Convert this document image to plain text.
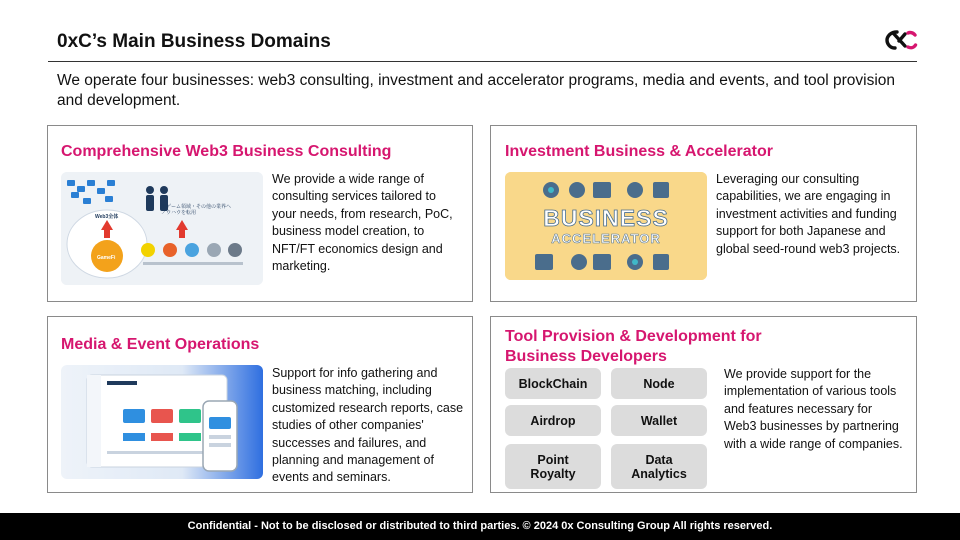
0xC’s Main Business Domains
We operate four businesses: web3 consulting, investment and accelerator programs, media and events, and tool provision and development.
Comprehensive Web3 Business Consulting
Web3全体
非ゲーム領域・その他の業界へ ノウハウを転用
GameFi
We provide a wide range of consulting services tailored to your needs, from research, PoC, business model creation, to NFT/FT economics design and marketing.
Investment Business & Accelerator
BUSINESS
ACCELERATOR
Leveraging our consulting capabilities, we are engaging in investment activities and funding support for both Japanese and global seed-round web3 projects.
Media & Event Operations
Support for info gathering and business matching, including customized research reports, case studies of other companies' successes and failures, and planning and management of events and seminars.
Tool Provision & Development for Business Developers
BlockChain	Node
Airdrop	Wallet
Point Royalty
Data Analytics
We provide support for the implementation of various tools and features necessary for Web3 businesses by partnering with a wide range of companies.
Confidential - Not to be disclosed or distributed to third parties. © 2024 0x Consulting Group All rights reserved.
